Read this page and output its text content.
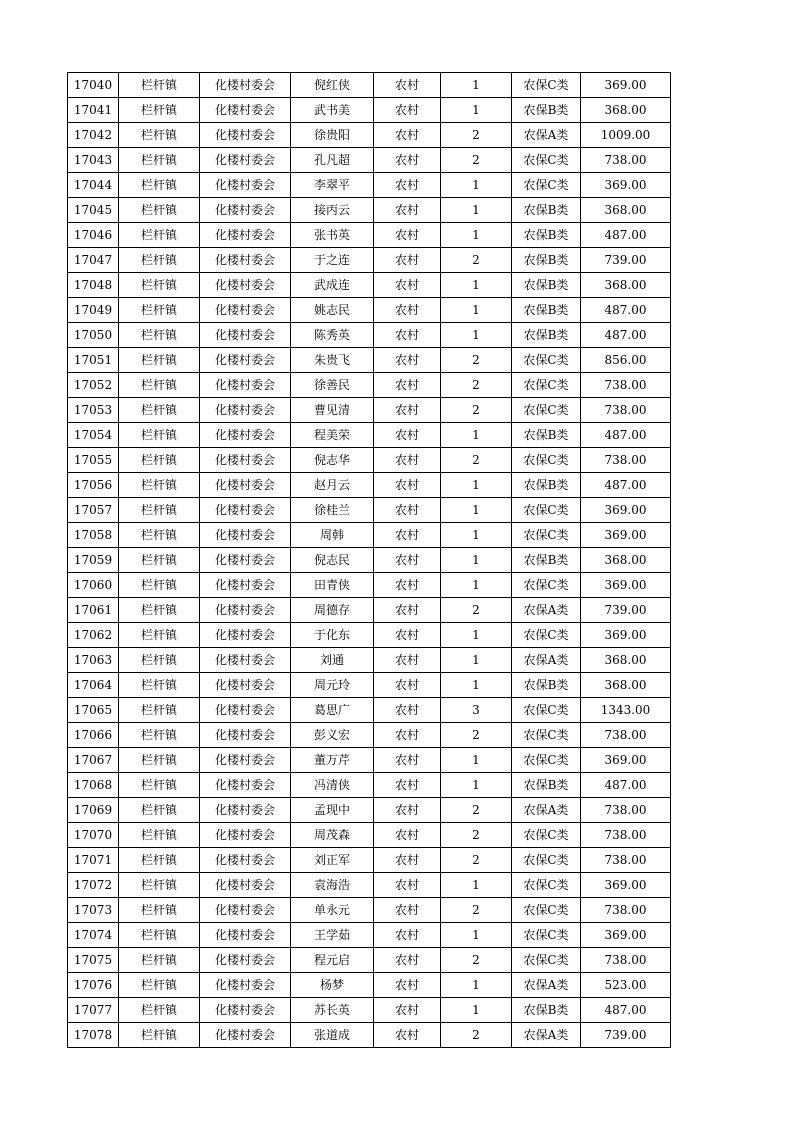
17040	栏杆镇	化楼村委会	倪红侠	农村	1	农保C类	369.00
17041	栏杆镇	化楼村委会	武书美	农村	1	农保B类	368.00
17042	栏杆镇	化楼村委会	徐贵阳	农村	2	农保A类	1009.00
17043	栏杆镇	化楼村委会	孔凡超	农村	2	农保C类	738.00
17044	栏杆镇	化楼村委会	李翠平	农村	1	农保C类	369.00
17045	栏杆镇	化楼村委会	接丙云	农村	1	农保B类	368.00
17046	栏杆镇	化楼村委会	张书英	农村	1	农保B类	487.00
17047	栏杆镇	化楼村委会	于之连	农村	2	农保B类	739.00
17048	栏杆镇	化楼村委会	武成连	农村	1	农保B类	368.00
17049	栏杆镇	化楼村委会	姚志民	农村	1	农保B类	487.00
17050	栏杆镇	化楼村委会	陈秀英	农村	1	农保B类	487.00
17051	栏杆镇	化楼村委会	朱贵飞	农村	2	农保C类	856.00
17052	栏杆镇	化楼村委会	徐善民	农村	2	农保C类	738.00
17053	栏杆镇	化楼村委会	曹见清	农村	2	农保C类	738.00
17054	栏杆镇	化楼村委会	程美荣	农村	1	农保B类	487.00
17055	栏杆镇	化楼村委会	倪志华	农村	2	农保C类	738.00
17056	栏杆镇	化楼村委会	赵月云	农村	1	农保B类	487.00
17057	栏杆镇	化楼村委会	徐桂兰	农村	1	农保C类	369.00
17058	栏杆镇	化楼村委会	周韩	农村	1	农保C类	369.00
17059	栏杆镇	化楼村委会	倪志民	农村	1	农保B类	368.00
17060	栏杆镇	化楼村委会	田青侠	农村	1	农保C类	369.00
17061	栏杆镇	化楼村委会	周德存	农村	2	农保A类	739.00
17062	栏杆镇	化楼村委会	于化东	农村	1	农保C类	369.00
17063	栏杆镇	化楼村委会	刘通	农村	1	农保A类	368.00
17064	栏杆镇	化楼村委会	周元玲	农村	1	农保B类	368.00
17065	栏杆镇	化楼村委会	葛思广	农村	3	农保C类	1343.00
17066	栏杆镇	化楼村委会	彭义宏	农村	2	农保C类	738.00
17067	栏杆镇	化楼村委会	董万芹	农村	1	农保C类	369.00
17068	栏杆镇	化楼村委会	冯清侠	农村	1	农保B类	487.00
17069	栏杆镇	化楼村委会	孟现中	农村	2	农保A类	738.00
17070	栏杆镇	化楼村委会	周茂森	农村	2	农保C类	738.00
17071	栏杆镇	化楼村委会	刘正军	农村	2	农保C类	738.00
17072	栏杆镇	化楼村委会	袁海浩	农村	1	农保C类	369.00
17073	栏杆镇	化楼村委会	单永元	农村	2	农保C类	738.00
17074	栏杆镇	化楼村委会	王学茹	农村	1	农保C类	369.00
17075	栏杆镇	化楼村委会	程元启	农村	2	农保C类	738.00
17076	栏杆镇	化楼村委会	杨梦	农村	1	农保A类	523.00
17077	栏杆镇	化楼村委会	苏长英	农村	1	农保B类	487.00
17078	栏杆镇	化楼村委会	张道成	农村	2	农保A类	739.00
